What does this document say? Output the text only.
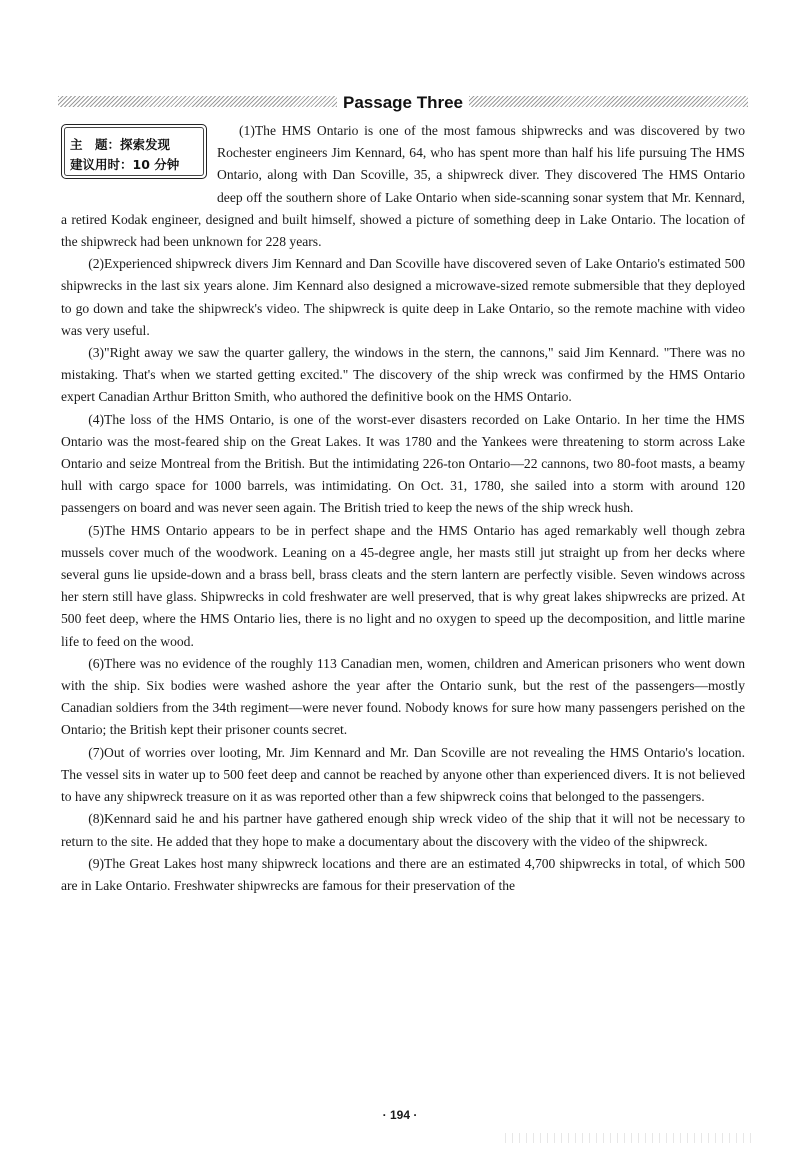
Passage Three
主　题：探索发现
建议用时：10 分钟

(1)The HMS Ontario is one of the most famous shipwrecks and was discovered by two Rochester engineers Jim Kennard, 64, who has spent more than half his life pursuing The HMS Ontario, along with Dan Scoville, 35, a shipwreck diver. They discovered The HMS Ontario deep off the southern shore of Lake Ontario when side-scanning sonar system that Mr. Kennard, a retired Kodak engineer, designed and built himself, showed a picture of something deep in Lake Ontario. The location of the shipwreck had been unknown for 228 years.

(2)Experienced shipwreck divers Jim Kennard and Dan Scoville have discovered seven of Lake Ontario's estimated 500 shipwrecks in the last six years alone. Jim Kennard also designed a microwave-sized remote submersible that they deployed to go down and take the shipwreck's video. The shipwreck is quite deep in Lake Ontario, so the remote machine with video was very useful.

(3)"Right away we saw the quarter gallery, the windows in the stern, the cannons," said Jim Kennard. "There was no mistaking. That's when we started getting excited." The discovery of the ship wreck was confirmed by the HMS Ontario expert Canadian Arthur Britton Smith, who authored the definitive book on the HMS Ontario.

(4)The loss of the HMS Ontario, is one of the worst-ever disasters recorded on Lake Ontario. In her time the HMS Ontario was the most-feared ship on the Great Lakes. It was 1780 and the Yankees were threatening to storm across Lake Ontario and seize Montreal from the British. But the intimidating 226-ton Ontario—22 cannons, two 80-foot masts, a beamy hull with cargo space for 1000 barrels, was intimidating. On Oct. 31, 1780, she sailed into a storm with around 120 passengers on board and was never seen again. The British tried to keep the news of the ship wreck hush.

(5)The HMS Ontario appears to be in perfect shape and the HMS Ontario has aged remarkably well though zebra mussels cover much of the woodwork. Leaning on a 45-degree angle, her masts still jut straight up from her decks where several guns lie upside-down and a brass bell, brass cleats and the stern lantern are perfectly visible. Seven windows across her stern still have glass. Shipwrecks in cold freshwater are well preserved, that is why great lakes shipwrecks are prized. At 500 feet deep, where the HMS Ontario lies, there is no light and no oxygen to speed up the decomposition, and little marine life to feed on the wood.

(6)There was no evidence of the roughly 113 Canadian men, women, children and American prisoners who went down with the ship. Six bodies were washed ashore the year after the Ontario sunk, but the rest of the passengers—mostly Canadian soldiers from the 34th regiment—were never found. Nobody knows for sure how many passengers perished on the Ontario; the British kept their prisoner counts secret.

(7)Out of worries over looting, Mr. Jim Kennard and Mr. Dan Scoville are not revealing the HMS Ontario's location. The vessel sits in water up to 500 feet deep and cannot be reached by anyone other than experienced divers. It is not believed to have any shipwreck treasure on it as was reported other than a few shipwreck coins that belonged to the passengers.

(8)Kennard said he and his partner have gathered enough ship wreck video of the ship that it will not be necessary to return to the site. He added that they hope to make a documentary about the discovery with the video of the shipwreck.

(9)The Great Lakes host many shipwreck locations and there are an estimated 4,700 shipwrecks in total, of which 500 are in Lake Ontario. Freshwater shipwrecks are famous for their preservation of the

· 194 ·
